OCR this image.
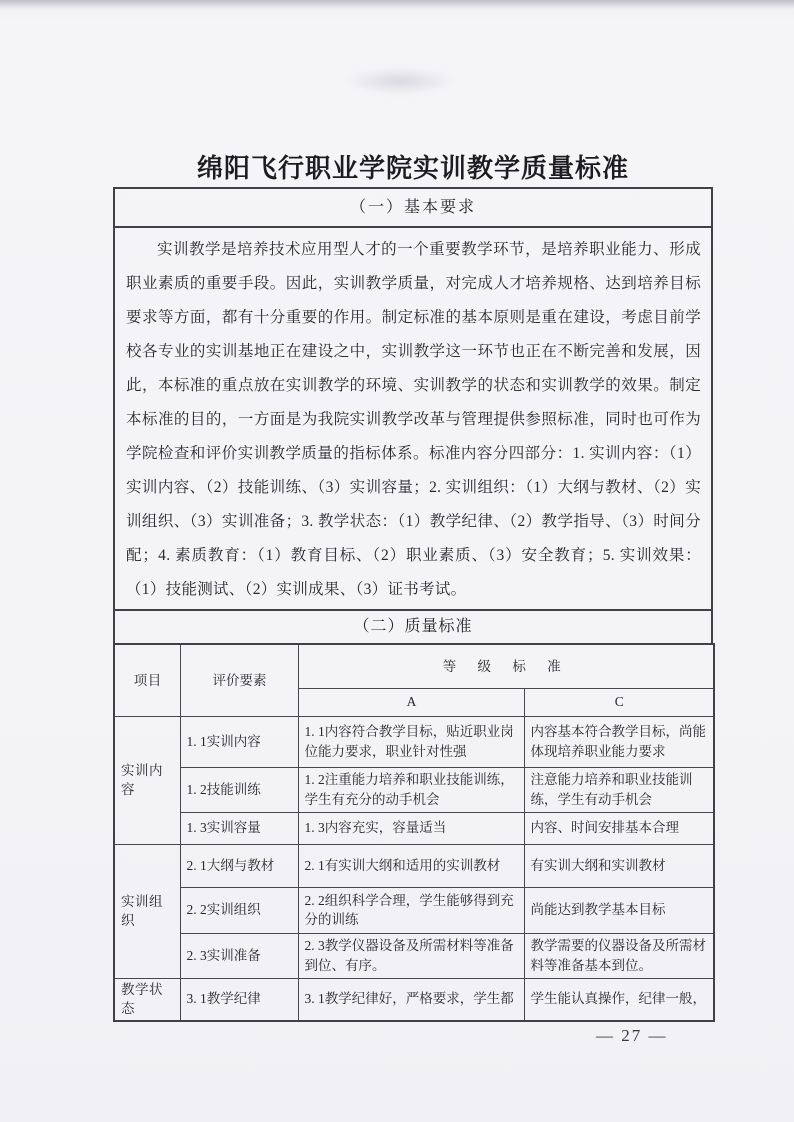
绵阳飞行职业学院实训教学质量标准
（一）基本要求
实训教学是培养技术应用型人才的一个重要教学环节，是培养职业能力、形成职业素质的重要手段。因此，实训教学质量，对完成人才培养规格、达到培养目标要求等方面，都有十分重要的作用。制定标准的基本原则是重在建设，考虑目前学校各专业的实训基地正在建设之中，实训教学这一环节也正在不断完善和发展，因此，本标准的重点放在实训教学的环境、实训教学的状态和实训教学的效果。制定本标准的目的，一方面是为我院实训教学改革与管理提供参照标准，同时也可作为学院检查和评价实训教学质量的指标体系。标准内容分四部分：1. 实训内容：（1）实训内容、（2）技能训练、（3）实训容量；2. 实训组织：（1）大纲与教材、（2）实训组织、（3）实训准备；3. 教学状态：（1）教学纪律、（2）教学指导、（3）时间分配；4. 素质教育：（1）教育目标、（2）职业素质、（3）安全教育；5. 实训效果：（1）技能测试、（2）实训成果、（3）证书考试。
（二）质量标准
项目	评价要素	等 级 标 准	
		A	C
实训内容	1. 1实训内容	1. 1内容符合教学目标，贴近职业岗位能力要求，职业针对性强	内容基本符合教学目标，尚能体现培养职业能力要求
	1. 2技能训练	1. 2注重能力培养和职业技能训练，学生有充分的动手机会	注意能力培养和职业技能训练，学生有动手机会
	1. 3实训容量	1. 3内容充实，容量适当	内容、时间安排基本合理
实训组织	2. 1大纲与教材	2. 1有实训大纲和适用的实训教材	有实训大纲和实训教材
	2. 2实训组织	2. 2组织科学合理，学生能够得到充分的训练	尚能达到教学基本目标
	2. 3实训准备	2. 3教学仪器设备及所需材料等准备到位、有序。	教学需要的仪器设备及所需材料等准备基本到位。
教学状态	3. 1教学纪律	3. 1教学纪律好，严格要求，学生都	学生能认真操作，纪律一般，
— 27 —
